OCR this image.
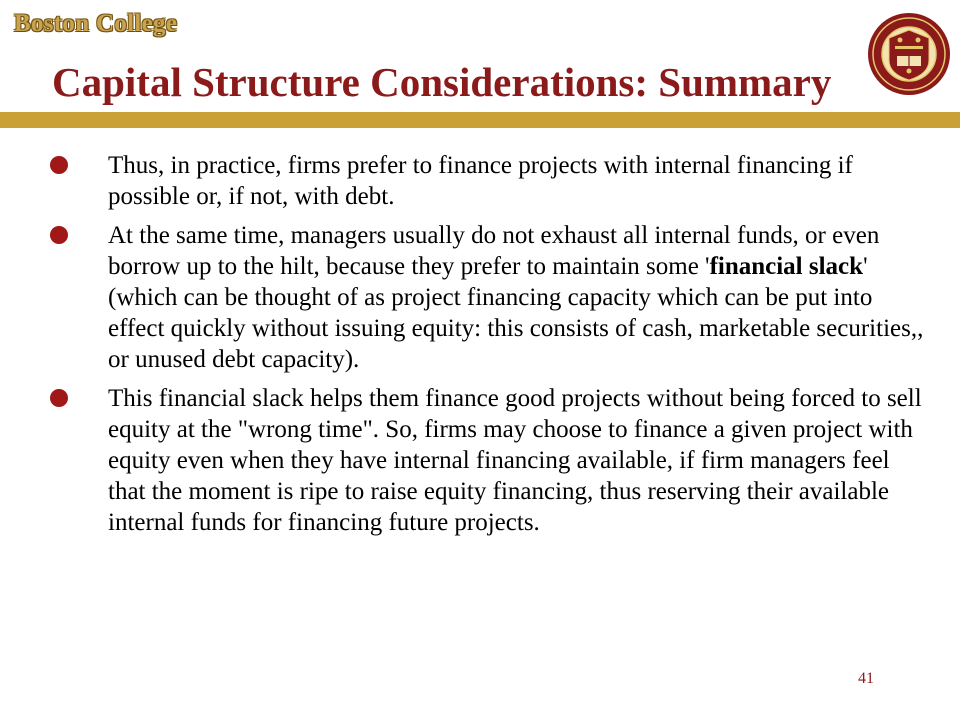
Boston College
Capital Structure Considerations: Summary
Thus, in practice, firms prefer to finance projects with internal financing if possible or, if not, with debt.
At the same time, managers usually do not exhaust all internal funds, or even borrow up to the hilt, because they prefer to maintain some 'financial slack' (which can be thought of as project financing capacity which can be put into effect quickly without issuing equity: this consists of cash, marketable securities,, or unused debt capacity).
This financial slack helps them finance good projects without being forced to sell equity at the "wrong time". So, firms may choose to finance a given project with equity even when they have internal financing available, if firm managers feel that the moment is ripe to raise equity financing, thus reserving their available internal funds for financing future projects.
41
